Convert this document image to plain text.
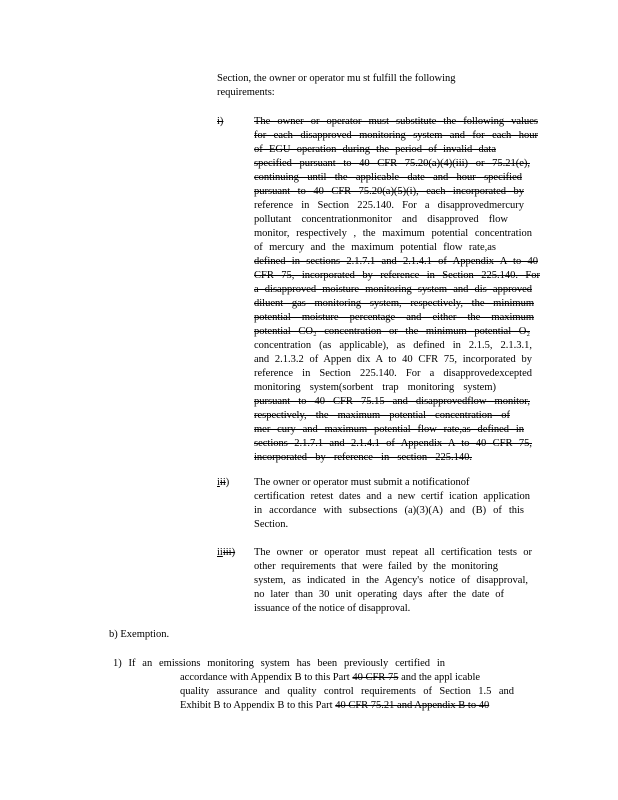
Section, the owner or operator mu st fulfill the following
requirements:
i)	The owner or operator must substitute the following values
for each disapproved monitoring system and for each hour
of EGU operation during the period of invalid data
specified pursuant to 40 CFR 75.20(a)(4)(iii) or 75.21(e),
continuing until the applicable date and hour specified
pursuant to 40 CFR 75.20(a)(5)(i), each incorporated by
reference in Section 225.140. For a disapprovedmercury
pollutant concentrationmonitor and disapproved flow
monitor, respectively , the maximum potential concentration
of mercury and the maximum potential flow rate,as
defined in sections 2.1.7.1 and 2.1.4.1 of Appendix A to 40
CFR 75, incorporated by reference in Section 225.140. For
a disapproved moisture monitoring system and dis approved
diluent gas monitoring system, respectively, the minimum
potential moisture percentage and either the maximum
potential CO₂ concentration or the minimum potential O₂
concentration (as applicable), as defined in 2.1.5, 2.1.3.1,
and 2.1.3.2 of Appen dix A to 40 CFR 75, incorporated by
reference in Section 225.140. For a disapprovedexcepted
monitoring system(sorbent trap monitoring system)
pursuant to 40 CFR 75.15 and disapprovedflow monitor,
respectively, the maximum potential concentration of
mer cury and maximum potential flow rate,as defined in
sections 2.1.7.1 and 2.1.4.1 of Appendix A to 40 CFR 75,
incorporated by reference in section 225.140.
iii) The owner or operator must submit a notificationof
certification retest dates and a new certif ication application
in accordance with subsections (a)(3)(A) and (B) of this
Section.
iiiii) The owner or operator must repeat all certification tests or
other requirements that were failed by the monitoring
system, as indicated in the Agency's notice of disapproval,
no later than 30 unit operating days after the date of
issuance of the notice of disapproval.
b) Exemption.
1) If an emissions monitoring system has been previously certified in
accordance with Appendix B to this Part 40 CFR 75 and the appl icable
quality assurance and quality control requirements of Section 1.5 and
Exhibit B to Appendix B to this Part 40 CFR 75.21 and Appendix B to 40
